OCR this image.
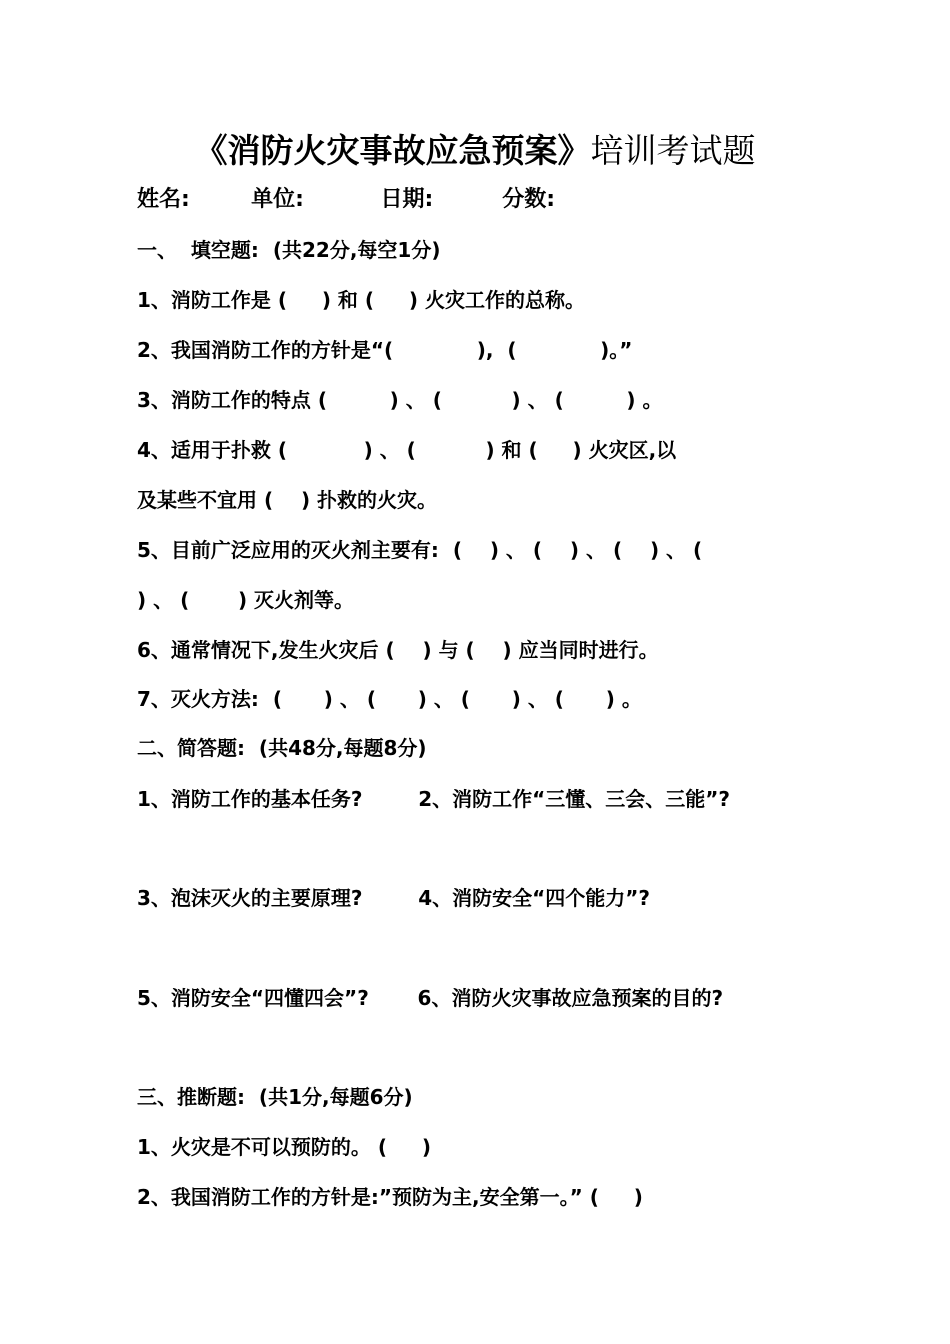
《消防火灾事故应急预案》培训考试题
姓名:        单位:          日期:         分数:
一、  填空题:  (共22分,每空1分)
1、消防工作是 (     ) 和 (     ) 火灾工作的总称。
2、我国消防工作的方针是“(            ),  (            )。”
3、消防工作的特点 (         ) 、 (          ) 、 (         ) 。
4、适用于扑救 (           ) 、 (          ) 和 (     ) 火灾区,以
及某些不宜用 (    ) 扑救的火灾。
5、目前广泛应用的灭火剂主要有:  (    ) 、 (    ) 、 (    ) 、 (
) 、 (       ) 灭火剂等。
6、通常情况下,发生火灾后 (    ) 与 (    ) 应当同时进行。
7、灭火方法:  (      ) 、 (      ) 、 (      ) 、 (      ) 。
二、简答题:  (共48分,每题8分)
1、消防工作的基本任务?        2、消防工作“三懂、三会、三能”?
3、泡沫灭火的主要原理?        4、消防安全“四个能力”?
5、消防安全“四懂四会”?       6、消防火灾事故应急预案的目的?
三、推断题:  (共1分,每题6分)
1、火灾是不可以预防的。 (     )
2、我国消防工作的方针是:”预防为主,安全第一。” (     )
